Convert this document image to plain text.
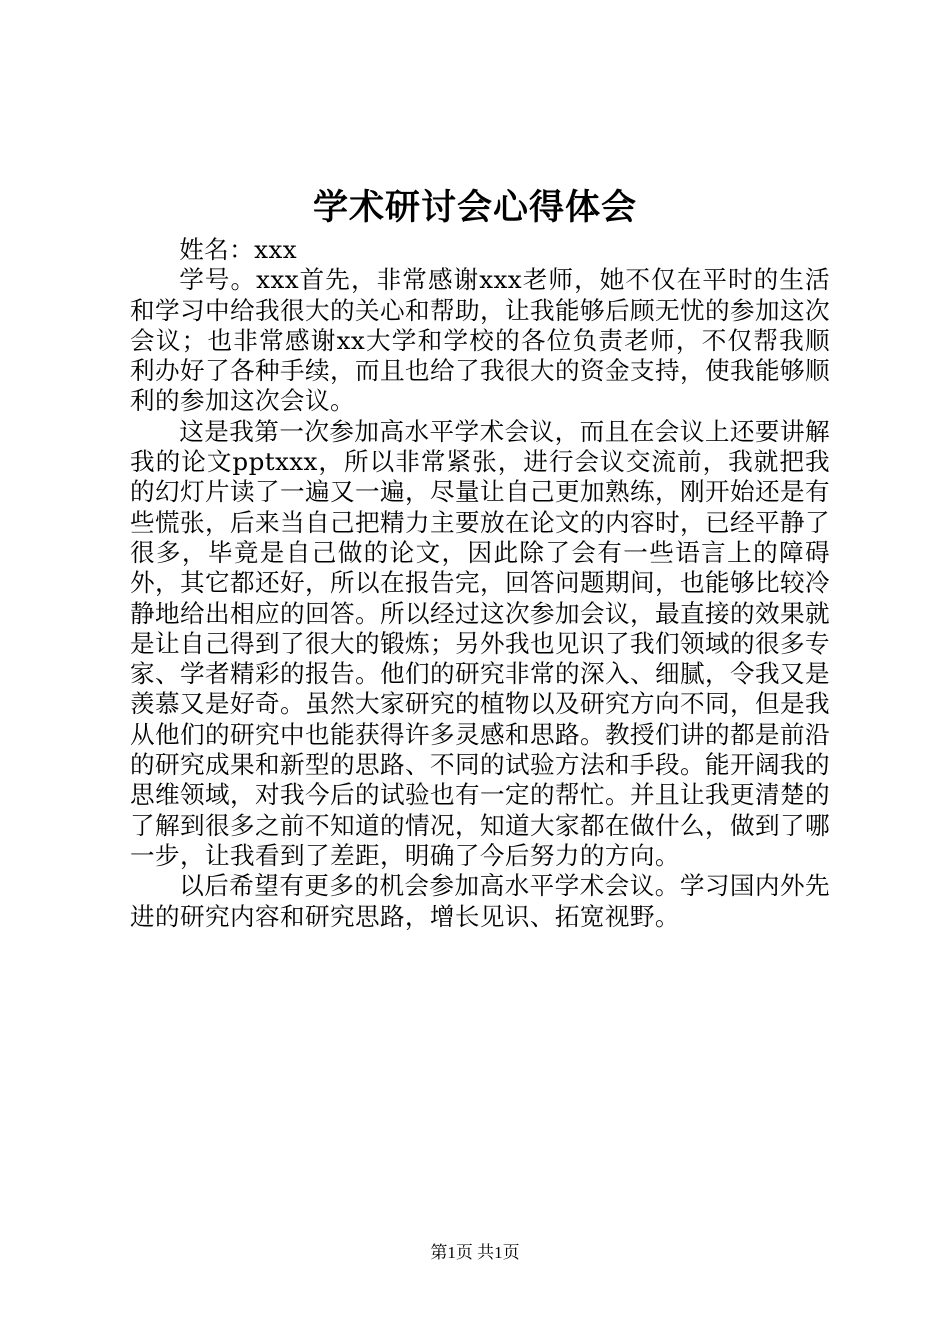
学术研讨会心得体会

姓名：xxx

学号。xxx首先，非常感谢xxx老师，她不仅在平时的生活和学习中给我很大的关心和帮助，让我能够后顾无忧的参加这次会议；也非常感谢xx大学和学校的各位负责老师，不仅帮我顺利办好了各种手续，而且也给了我很大的资金支持，使我能够顺利的参加这次会议。

这是我第一次参加高水平学术会议，而且在会议上还要讲解我的论文pptxxx，所以非常紧张，进行会议交流前，我就把我的幻灯片读了一遍又一遍，尽量让自己更加熟练，刚开始还是有些慌张，后来当自己把精力主要放在论文的内容时，已经平静了很多，毕竟是自己做的论文，因此除了会有一些语言上的障碍外，其它都还好，所以在报告完，回答问题期间，也能够比较冷静地给出相应的回答。所以经过这次参加会议，最直接的效果就是让自己得到了很大的锻炼；另外我也见识了我们领域的很多专家、学者精彩的报告。他们的研究非常的深入、细腻，令我又是羡慕又是好奇。虽然大家研究的植物以及研究方向不同，但是我从他们的研究中也能获得许多灵感和思路。教授们讲的都是前沿的研究成果和新型的思路、不同的试验方法和手段。能开阔我的思维领域，对我今后的试验也有一定的帮忙。并且让我更清楚的了解到很多之前不知道的情况，知道大家都在做什么，做到了哪一步，让我看到了差距，明确了今后努力的方向。

以后希望有更多的机会参加高水平学术会议。学习国内外先进的研究内容和研究思路，增长见识、拓宽视野。

第1页 共1页
